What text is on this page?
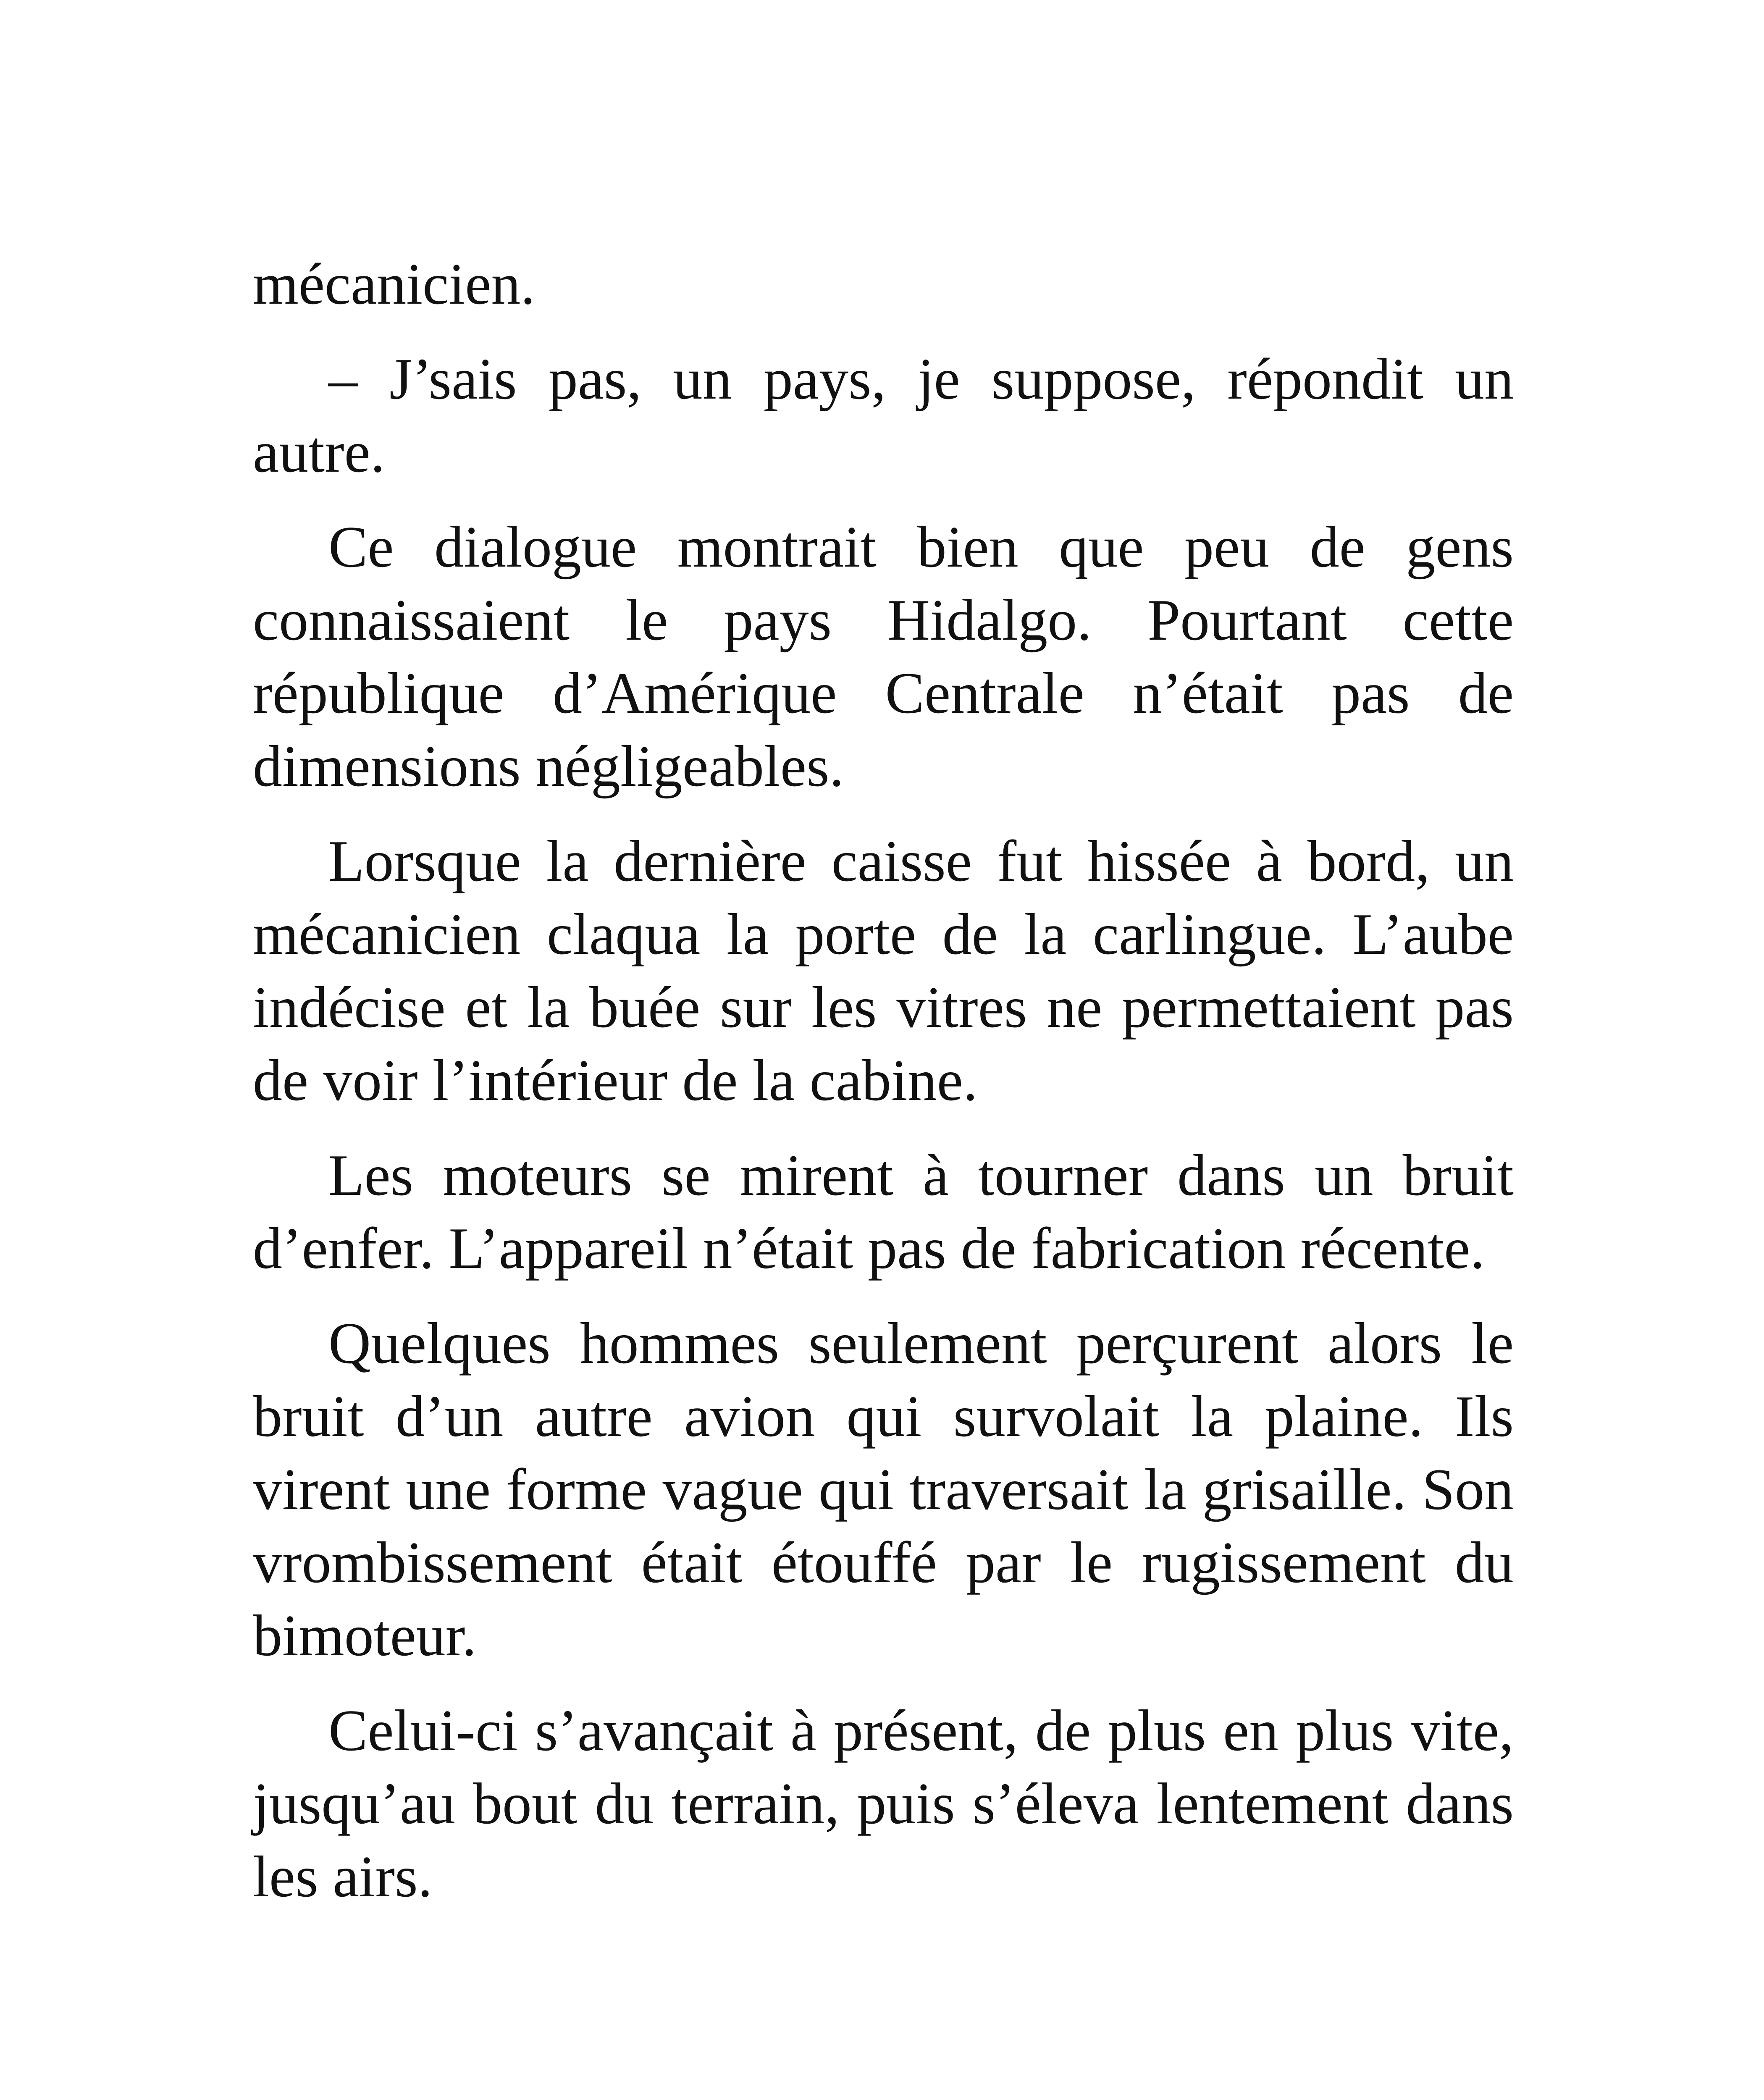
mécanicien.

– J’sais pas, un pays, je suppose, répondit un autre.

Ce dialogue montrait bien que peu de gens connaissaient le pays Hidalgo. Pourtant cette république d’Amérique Centrale n’était pas de dimensions négligeables.

Lorsque la dernière caisse fut hissée à bord, un mécanicien claqua la porte de la carlingue. L’aube indécise et la buée sur les vitres ne permettaient pas de voir l’intérieur de la cabine.

Les moteurs se mirent à tourner dans un bruit d’enfer. L’appareil n’était pas de fabrication récente.

Quelques hommes seulement perçurent alors le bruit d’un autre avion qui survolait la plaine. Ils virent une forme vague qui traversait la grisaille. Son vrombissement était étouffé par le rugissement du bimoteur.

Celui-ci s’avançait à présent, de plus en plus vite, jusqu’au bout du terrain, puis s’éleva lentement dans les airs.
